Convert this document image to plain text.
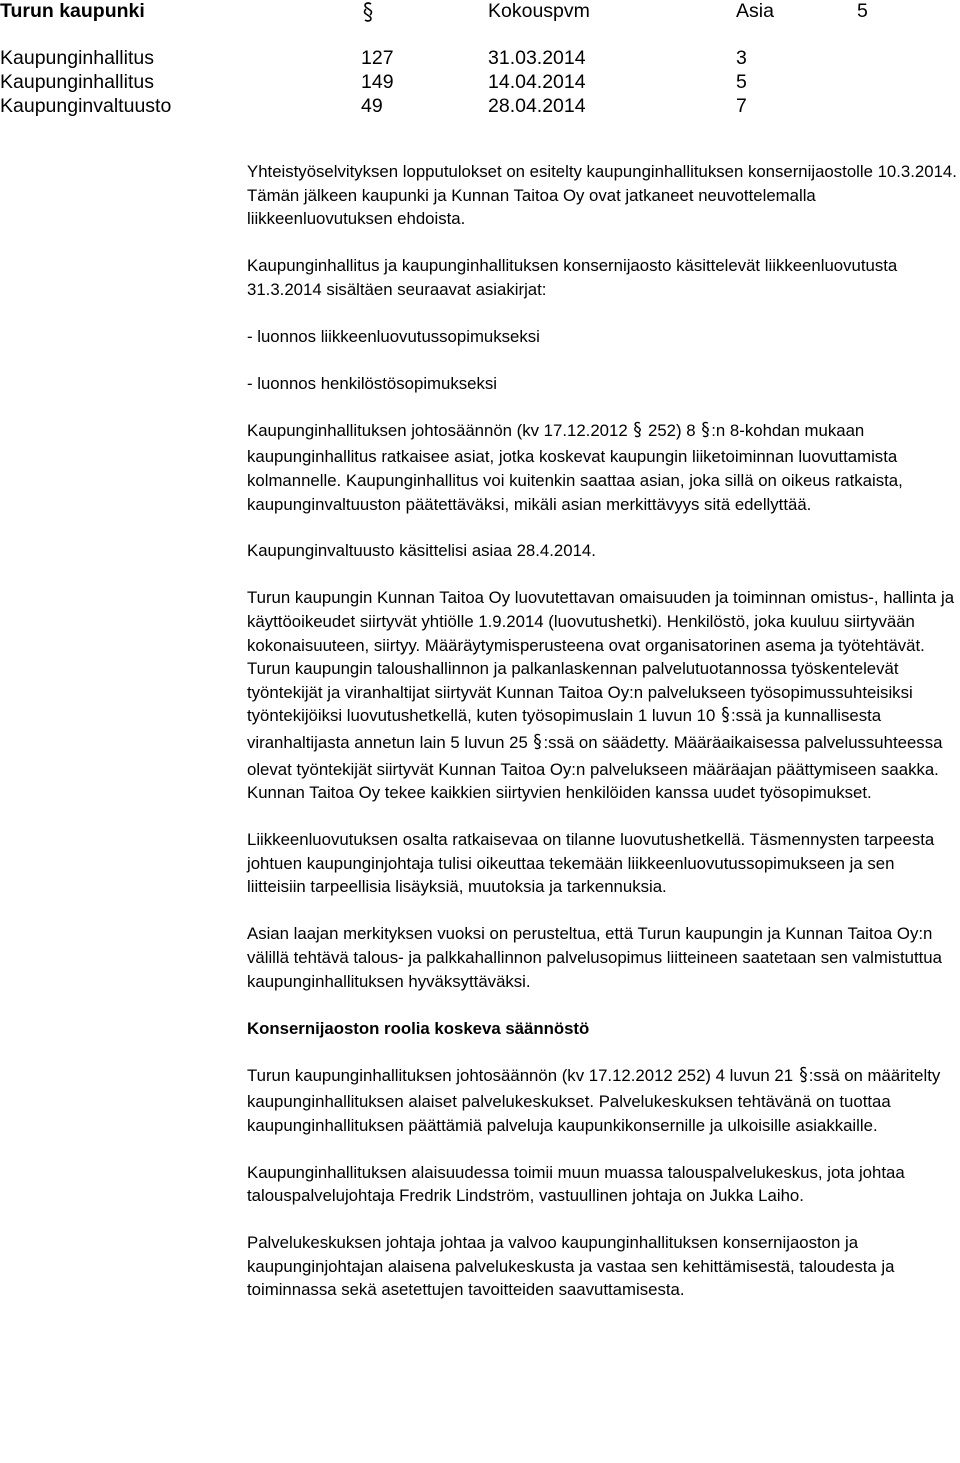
Turun kaupunki	Kokouspvm	Asia	5
Kaupunginhallitus	127	31.03.2014	3
Kaupunginhallitus	149	14.04.2014	5
Kaupunginvaltuusto	49	28.04.2014	7

Yhteistyöselvityksen lopputulokset on esitelty kaupunginhallituksen konsernijaostolle 10.3.2014. Tämän jälkeen kaupunki ja Kunnan Taitoa Oy ovat jatkaneet neuvottelemalla liikkeenluovutuksen ehdoista.

Kaupunginhallitus ja kaupunginhallituksen konsernijaosto käsittelevät liikkeenluovutusta 31.3.2014 sisältäen seuraavat asiakirjat:

- luonnos liikkeenluovutussopimukseksi

- luonnos henkilöstösopimukseksi

Kaupunginhallituksen johtosäännön (kv 17.12.2012  252) 8 :n 8-kohdan mukaan kaupunginhallitus ratkaisee asiat, jotka koskevat kaupungin liiketoiminnan luovuttamista kolmannelle. Kaupunginhallitus voi kuitenkin saattaa asian, joka sillä on oikeus ratkaista, kaupunginvaltuuston päätettäväksi, mikäli asian merkittävyys sitä edellyttää.

Kaupunginvaltuusto käsittelisi asiaa 28.4.2014.

Turun kaupungin Kunnan Taitoa Oy luovutettavan omaisuuden ja toiminnan omistus-, hallinta ja käyttöoikeudet siirtyvät yhtiölle 1.9.2014 (luovutushetki). Henkilöstö, joka kuuluu siirtyvään kokonaisuuteen, siirtyy. Määräytymisperusteena ovat organisatorinen asema ja työtehtävät. Turun kaupungin taloushallinnon ja palkanlaskennan palvelutuotannossa työskentelevät työntekijät ja viranhaltijat siirtyvät Kunnan Taitoa Oy:n palvelukseen työsopimussuhteisiksi työntekijöiksi luovutushetkellä, kuten työsopimuslain 1 luvun 10 :ssä ja kunnallisesta viranhaltijasta annetun lain 5 luvun 25 :ssä on säädetty. Määräaikaisessa palvelussuhteessa olevat työntekijät siirtyvät Kunnan Taitoa Oy:n palvelukseen määräajan päättymiseen saakka. Kunnan Taitoa Oy tekee kaikkien siirtyvien henkilöiden kanssa uudet työsopimukset.

Liikkeenluovutuksen osalta ratkaisevaa on tilanne luovutushetkellä. Täsmennysten tarpeesta johtuen kaupunginjohtaja tulisi oikeuttaa tekemään liikkeenluovutussopimukseen ja sen liitteisiin tarpeellisia lisäyksiä, muutoksia ja tarkennuksia.

Asian laajan merkityksen vuoksi on perusteltua, että Turun kaupungin ja Kunnan Taitoa Oy:n välillä tehtävä talous- ja palkkahallinnon palvelusopimus liitteineen saatetaan sen valmistuttua kaupunginhallituksen hyväksyttäväksi.

Konsernijaoston roolia koskeva säännöstö

Turun kaupunginhallituksen johtosäännön (kv 17.12.2012 252) 4 luvun 21 :ssä on määritelty kaupunginhallituksen alaiset palvelukeskukset. Palvelukeskuksen tehtävänä on tuottaa kaupunginhallituksen päättämiä palveluja kaupunkikonsernille ja ulkoisille asiakkaille.

Kaupunginhallituksen alaisuudessa toimii muun muassa talouspalvelukeskus, jota johtaa talouspalvelujohtaja Fredrik Lindström, vastuullinen johtaja on Jukka Laiho.

Palvelukeskuksen johtaja johtaa ja valvoo kaupunginhallituksen konsernijaoston ja kaupunginjohtajan alaisena palvelukeskusta ja vastaa sen kehittämisestä, taloudesta ja toiminnassa sekä asetettujen tavoitteiden saavuttamisesta.
